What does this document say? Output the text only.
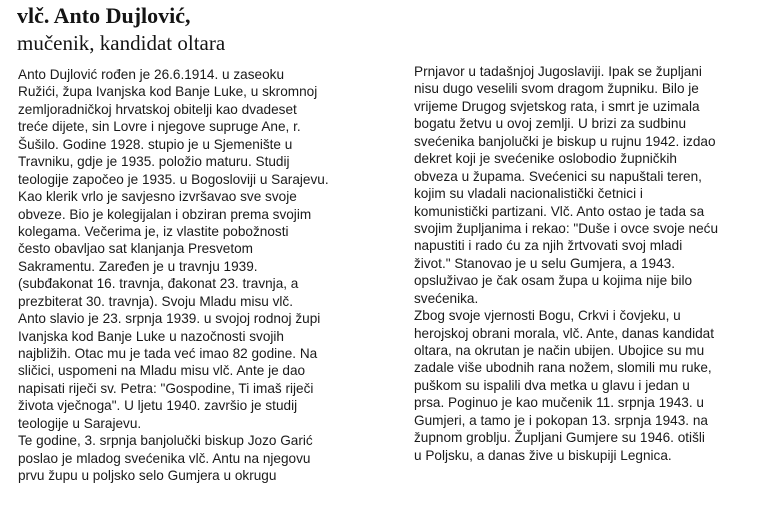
vlč. Anto Dujlović,
mučenik, kandidat oltara
Anto Dujlović rođen je 26.6.1914. u zaseoku
Ružići, župa Ivanjska kod Banje Luke, u skromnoj
zemljoradničkoj hrvatskoj obitelji kao dvadeset
treće dijete, sin Lovre i njegove supruge Ane, r.
Šušilo. Godine 1928. stupio je u Sjemenište u
Travniku, gdje je 1935. položio maturu. Studij
teologije započeo je 1935. u Bogosloviji u Sarajevu.
Kao klerik vrlo je savjesno izvršavao sve svoje
obveze. Bio je kolegijalan i obziran prema svojim
kolegama. Večerima je, iz vlastite pobožnosti
često obavljao sat klanjanja Presvetom
Sakramentu. Zaređen je u travnju 1939.
(subđakonat 16. travnja, đakonat 23. travnja, a
prezbiterat 30. travnja). Svoju Mladu misu vlč.
Anto slavio je 23. srpnja 1939. u svojoj rodnoj župi
Ivanjska kod Banje Luke u nazočnosti svojih
najbližih. Otac mu je tada već imao 82 godine. Na
sličici, uspomeni na Mladu misu vlč. Ante je dao
napisati riječi sv. Petra: "Gospodine, Ti imaš riječi
života vječnoga". U ljetu 1940. završio je studij
teologije u Sarajevu.
Te godine, 3. srpnja banjolučki biskup Jozo Garić
poslao je mladog svećenika vlč. Antu na njegovu
prvu župu u poljsko selo Gumjera u okrugu
Prnjavor u tadašnjoj Jugoslaviji. Ipak se župljani
nisu dugo veselili svom dragom župniku. Bilo je
vrijeme Drugog svjetskog rata, i smrt je uzimala
bogatu žetvu u ovoj zemlji. U brizi za sudbinu
svećenika banjolučki je biskup u rujnu 1942. izdao
dekret koji je svećenike oslobodio župničkih
obveza u župama. Svećenici su napuštali teren,
kojim su vladali nacionalistički četnici i
komunistički partizani. Vlč. Anto ostao je tada sa
svojim župljanima i rekao: "Duše i ovce svoje neću
napustiti i rado ću za njih žrtvovati svoj mladi
život." Stanovao je u selu Gumjera, a 1943.
opsluživao je čak osam župa u kojima nije bilo
svećenika.
Zbog svoje vjernosti Bogu, Crkvi i čovjeku, u
herojskoj obrani morala, vlč. Ante, danas kandidat
oltara, na okrutan je način ubijen. Ubojice su mu
zadale više ubodnih rana nožem, slomili mu ruke,
puškom su ispalili dva metka u glavu i jedan u
prsa. Poginuo je kao mučenik 11. srpnja 1943. u
Gumjeri, a tamo je i pokopan 13. srpnja 1943. na
župnom groblju. Župljani Gumjere su 1946. otišli
u Poljsku, a danas žive u biskupiji Legnica.
